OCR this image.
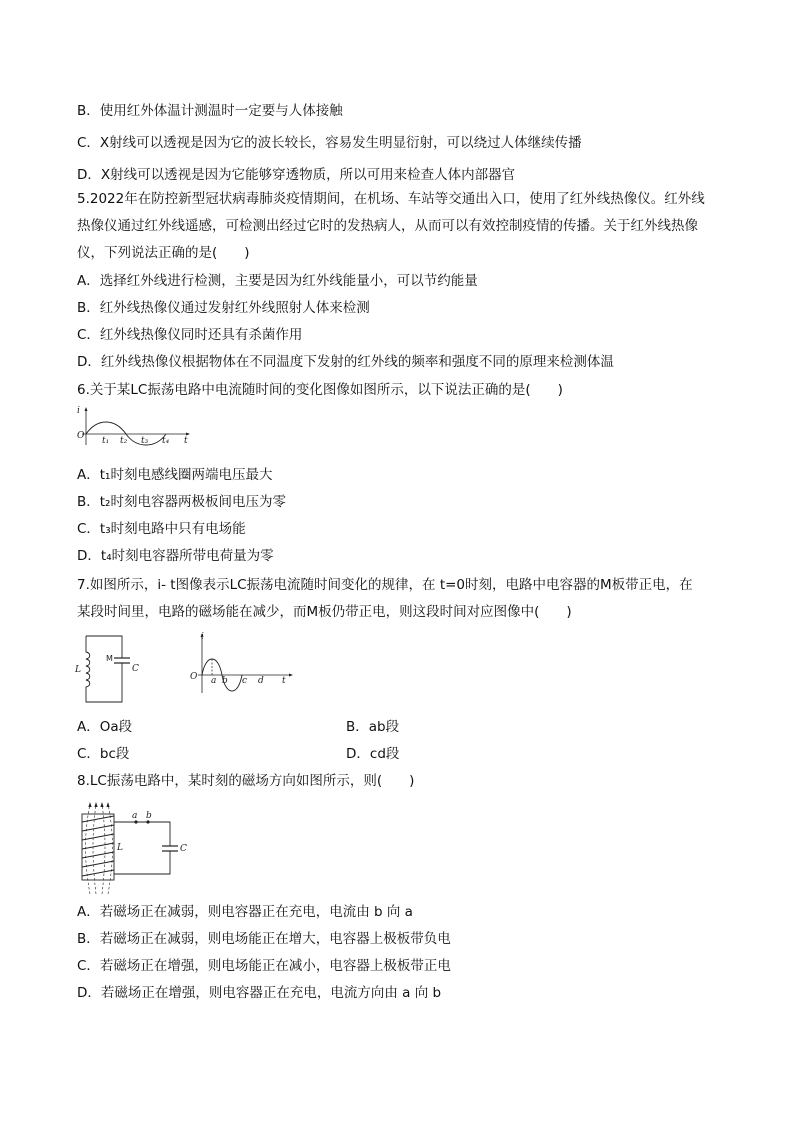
B．使用红外体温计测温时一定要与人体接触
C．X射线可以透视是因为它的波长较长，容易发生明显衍射，可以绕过人体继续传播
D．X射线可以透视是因为它能够穿透物质，所以可用来检查人体内部器官
5.2022年在防控新型冠状病毒肺炎疫情期间，在机场、车站等交通出入口，使用了红外线热像仪。红外线
热像仪通过红外线遥感，可检测出经过它时的发热病人，从而可以有效控制疫情的传播。关于红外线热像
仪，下列说法正确的是(　　)
A．选择红外线进行检测，主要是因为红外线能量小，可以节约能量
B．红外线热像仪通过发射红外线照射人体来检测
C．红外线热像仪同时还具有杀菌作用
D．红外线热像仪根据物体在不同温度下发射的红外线的频率和强度不同的原理来检测体温
6.关于某LC振荡电路中电流随时间的变化图像如图所示，以下说法正确的是(　　)
i
O	t
t₁ t₂ t₃ t₄
A．t₁时刻电感线圈两端电压最大
B．t₂时刻电容器两极板间电压为零
C．t₃时刻电路中只有电场能
D．t₄时刻电容器所带电荷量为零
7.如图所示，i- t图像表示LC振荡电流随时间变化的规律，在 t=0时刻，电路中电容器的M板带正电，在
某段时间里，电路的磁场能在减少，而M板仍带正电，则这段时间对应图像中(　　)
L
M
C
i
O a b c d t
A．Oa段	B．ab段
C．bc段	D．cd段
8.LC振荡电路中，某时刻的磁场方向如图所示，则(　　)
a b
L	C
A．若磁场正在减弱，则电容器正在充电，电流由 b 向 a
B．若磁场正在减弱，则电场能正在增大，电容器上极板带负电
C．若磁场正在增强，则电场能正在减小，电容器上极板带正电
D．若磁场正在增强，则电容器正在充电，电流方向由 a 向 b
